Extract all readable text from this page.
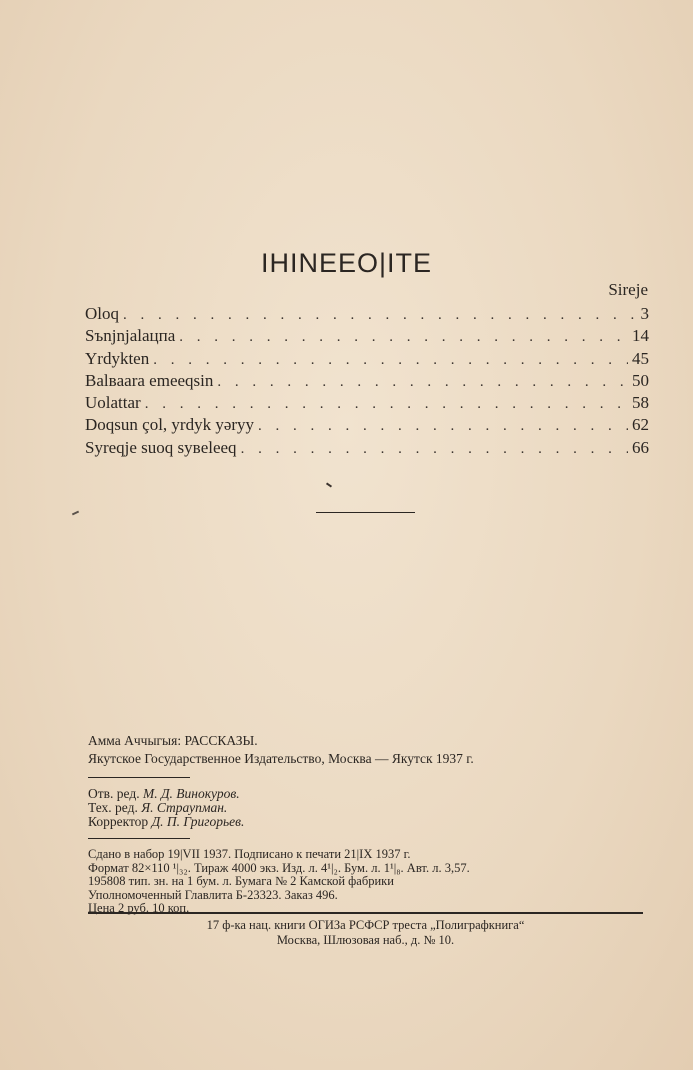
IHINEEO|ITE
Sireje
Oloq . . .	3
Sъnjnjalaцпa . . .	14
Yrdykten . . .	45
Balвaara emeeqsin . . .	50
Uolattar . . .	58
Doqsun çol, yrdyk yəryy . . .	62
Syreqje suoq syвeleeq . . .	66
Амма Аччыгыя: РАССКАЗЫ.
Якутское Государственное Издательство, Москва — Якутск 1937 г.
Отв. ред. М. Д. Винокуров.
Тех. ред. Я. Страупман.
Корректор Д. П. Григорьев.
Сдано в набор 19|VII 1937. Подписано к печати 21|IX 1937 г.
Формат 82×110 ¹|₃₂. Тираж 4000 экз. Изд. л. 4¹|₂. Бум. л. 1¹|₈. Авт. л. 3,57.
195808 тип. зн. на 1 бум. л. Бумага № 2 Камской фабрики
Уполномоченный Главлита Б-23323. Заказ 496.
Цена 2 руб. 10 коп.
17 ф-ка нац. книги ОГИЗа РСФСР треста „Полиграфкнига“
Москва, Шлюзовая наб., д. № 10.
